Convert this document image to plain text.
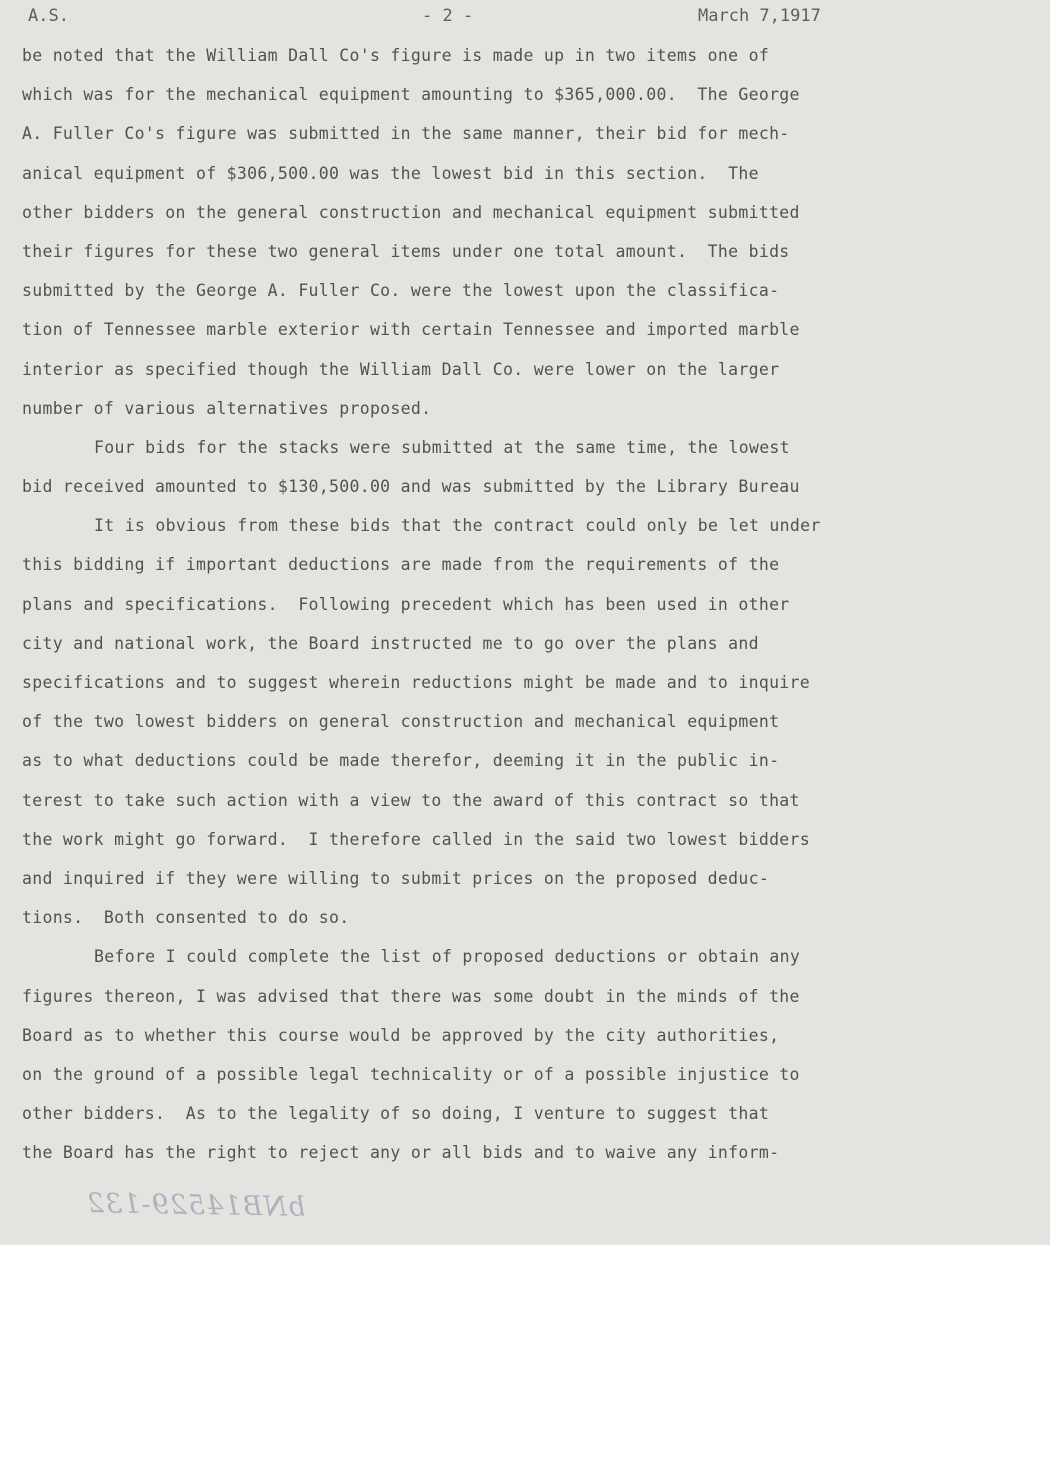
A.S.	- 2 -	March 7,1917
be noted that the William Dall Co's figure is made up in two items one of
which was for the mechanical equipment amounting to $365,000.00.  The George
A. Fuller Co's figure was submitted in the same manner, their bid for mech-
anical equipment of $306,500.00 was the lowest bid in this section.  The
other bidders on the general construction and mechanical equipment submitted
their figures for these two general items under one total amount.  The bids
submitted by the George A. Fuller Co. were the lowest upon the classifica-
tion of Tennessee marble exterior with certain Tennessee and imported marble
interior as specified though the William Dall Co. were lower on the larger
number of various alternatives proposed.
Four bids for the stacks were submitted at the same time, the lowest
bid received amounted to $130,500.00 and was submitted by the Library Bureau
It is obvious from these bids that the contract could only be let under
this bidding if important deductions are made from the requirements of the
plans and specifications.  Following precedent which has been used in other
city and national work, the Board instructed me to go over the plans and
specifications and to suggest wherein reductions might be made and to inquire
of the two lowest bidders on general construction and mechanical equipment
as to what deductions could be made therefor, deeming it in the public in-
terest to take such action with a view to the award of this contract so that
the work might go forward.  I therefore called in the said two lowest bidders
and inquired if they were willing to submit prices on the proposed deduc-
tions.  Both consented to do so.
Before I could complete the list of proposed deductions or obtain any
figures thereon, I was advised that there was some doubt in the minds of the
Board as to whether this course would be approved by the city authorities,
on the ground of a possible legal technicality or of a possible injustice to
other bidders.  As to the legality of so doing, I venture to suggest that
the Board has the right to reject any or all bids and to waive any inform-
bNB14529-132
